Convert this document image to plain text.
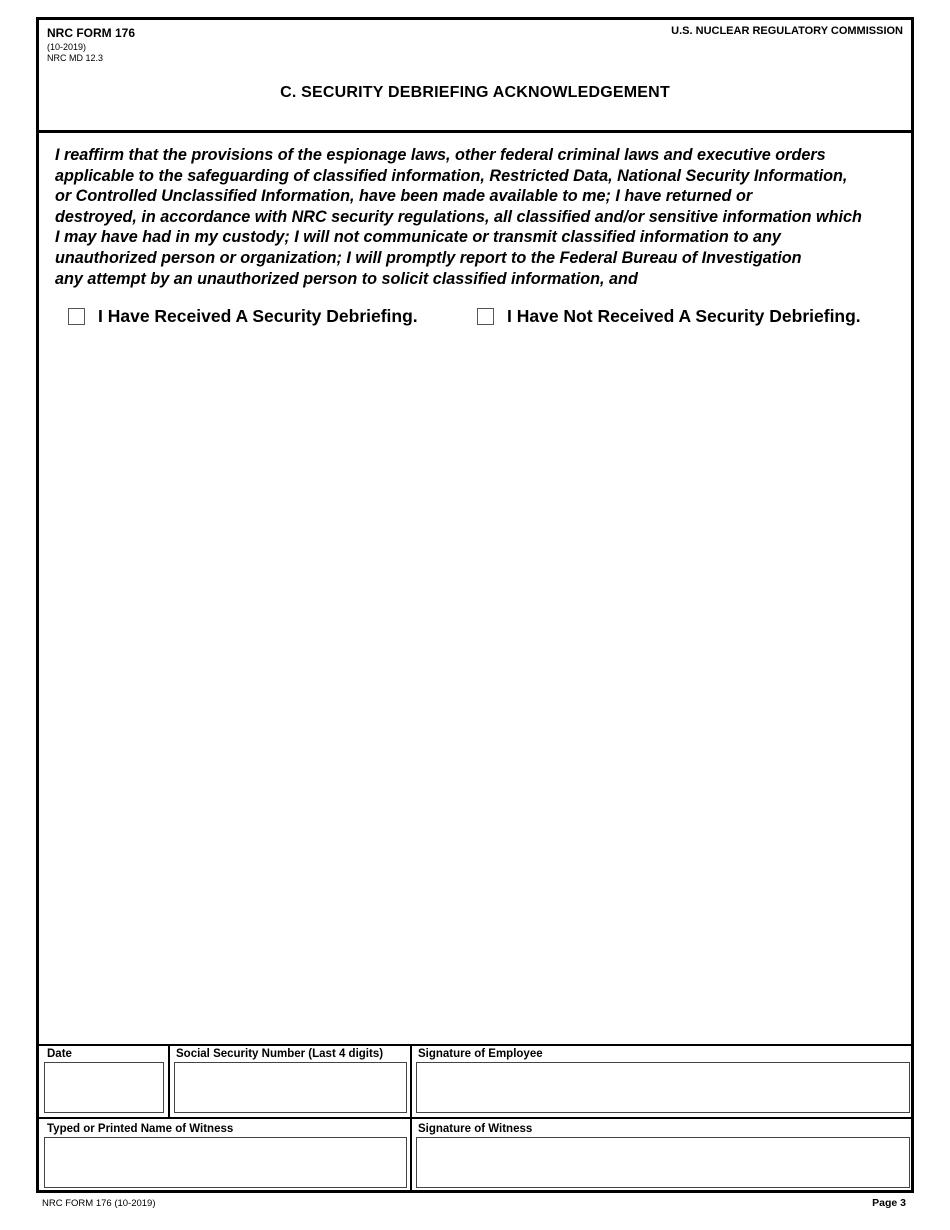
NRC FORM 176
(10-2019)
NRC MD 12.3
U.S. NUCLEAR REGULATORY COMMISSION
C. SECURITY DEBRIEFING ACKNOWLEDGEMENT
I reaffirm that the provisions of the espionage laws, other federal criminal laws and executive orders
applicable to the safeguarding of classified information, Restricted Data, National Security Information,
or Controlled Unclassified Information, have been made available to me; I have returned or
destroyed, in accordance with NRC security regulations, all classified and/or sensitive information which
I may have had in my custody; I will not communicate or transmit classified information to any
unauthorized person or organization; I will promptly report to the Federal Bureau of Investigation
any attempt by an unauthorized person to solicit classified information, and
I Have Received A Security Debriefing.	I Have Not Received A Security Debriefing.
Date	Social Security Number (Last 4 digits)	Signature of Employee
Typed or Printed Name of Witness	Signature of Witness
NRC FORM 176 (10-2019)	Page 3
